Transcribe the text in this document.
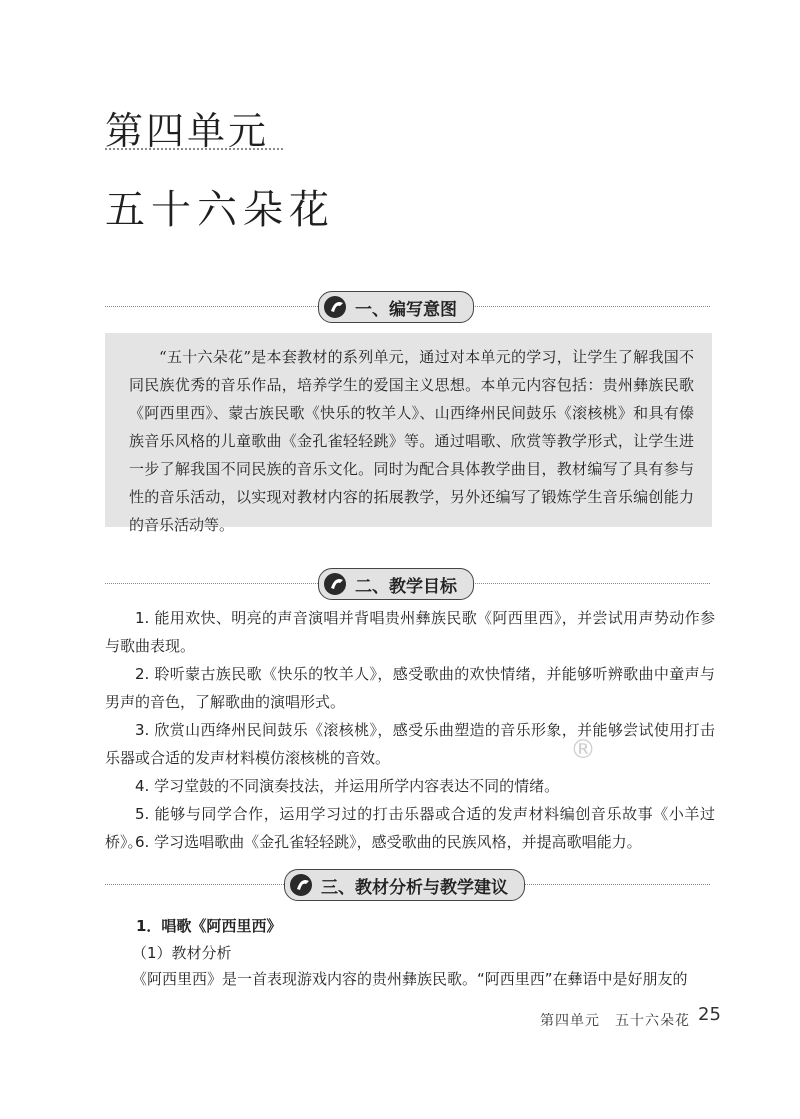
第四单元
五十六朵花
一、编写意图

“五十六朵花”是本套教材的系列单元，通过对本单元的学习，让学生了解我国不同民族优秀的音乐作品，培养学生的爱国主义思想。本单元内容包括：贵州彝族民歌《阿西里西》、蒙古族民歌《快乐的牧羊人》、山西绛州民间鼓乐《滚核桃》和具有傣族音乐风格的儿童歌曲《金孔雀轻轻跳》等。通过唱歌、欣赏等教学形式，让学生进一步了解我国不同民族的音乐文化。同时为配合具体教学曲目，教材编写了具有参与性的音乐活动，以实现对教材内容的拓展教学，另外还编写了锻炼学生音乐编创能力的音乐活动等。

二、教学目标
1. 能用欢快、明亮的声音演唱并背唱贵州彝族民歌《阿西里西》，并尝试用声势动作参与歌曲表现。
2. 聆听蒙古族民歌《快乐的牧羊人》，感受歌曲的欢快情绪，并能够听辨歌曲中童声与男声的音色，了解歌曲的演唱形式。
3. 欣赏山西绛州民间鼓乐《滚核桃》，感受乐曲塑造的音乐形象，并能够尝试使用打击乐器或合适的发声材料模仿滚核桃的音效。
4. 学习堂鼓的不同演奏技法，并运用所学内容表达不同的情绪。
5. 能够与同学合作，运用学习过的打击乐器或合适的发声材料编创音乐故事《小羊过桥》。
6. 学习选唱歌曲《金孔雀轻轻跳》，感受歌曲的民族风格，并提高歌唱能力。
®
三、教材分析与教学建议
1．唱歌《阿西里西》
（1）教材分析
《阿西里西》是一首表现游戏内容的贵州彝族民歌。“阿西里西”在彝语中是好朋友的
第四单元　五十六朵花 25
